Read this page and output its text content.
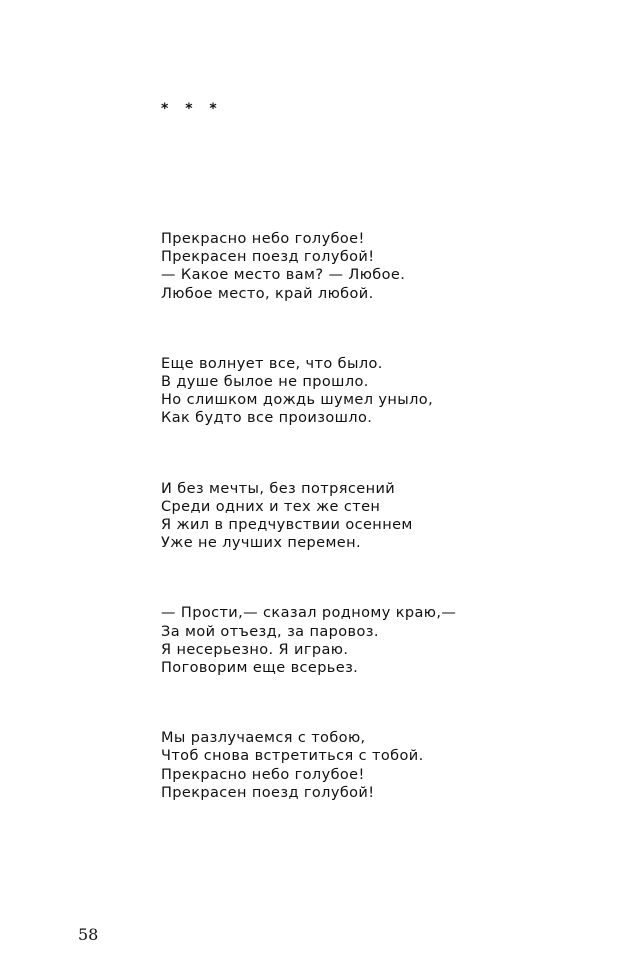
* * *

Прекрасно небо голубое!
Прекрасен поезд голубой!
— Какое место вам? — Любое.
Любое место, край любой.
Еще волнует все, что было.
В душе былое не прошло.
Но слишком дождь шумел уныло,
Как будто все произошло.
И без мечты, без потрясений
Среди одних и тех же стен
Я жил в предчувствии осеннем
Уже не лучших перемен.
— Прости,— сказал родному краю,—
За мой отъезд, за паровоз.
Я несерьезно. Я играю.
Поговорим еще всерьез.
Мы разлучаемся с тобою,
Чтоб снова встретиться с тобой.
Прекрасно небо голубое!
Прекрасен поезд голубой!

58
